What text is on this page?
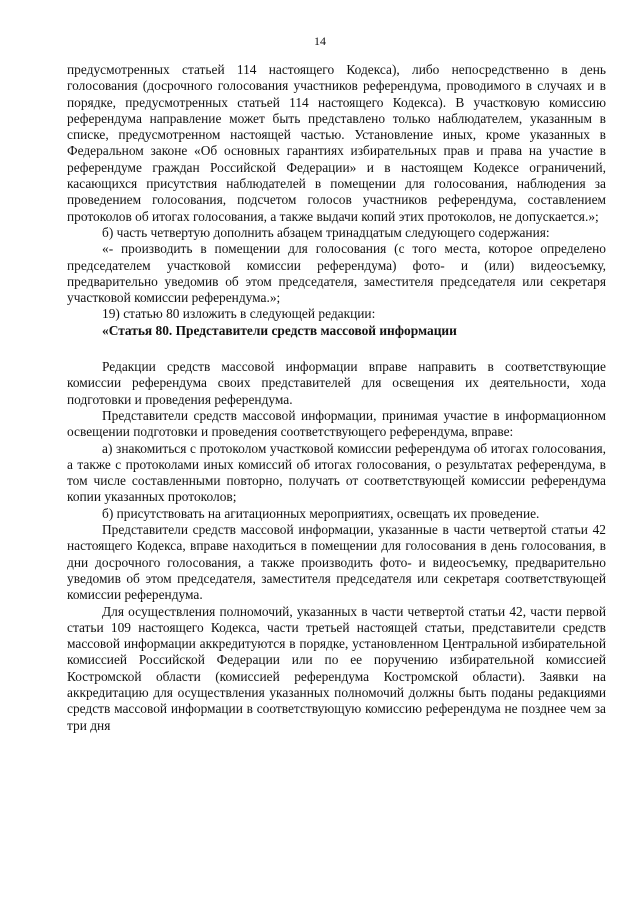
14

предусмотренных статьей 114 настоящего Кодекса), либо непосредственно в день голосования (досрочного голосования участников референдума, проводимого в случаях и в порядке, предусмотренных статьей 114 настоящего Кодекса). В участковую комиссию референдума направление может быть представлено только наблюдателем, указанным в списке, предусмотренном настоящей частью. Установление иных, кроме указанных в Федеральном законе «Об основных гарантиях избирательных прав и права на участие в референдуме граждан Российской Федерации» и в настоящем Кодексе ограничений, касающихся присутствия наблюдателей в помещении для голосования, наблюдения за проведением голосования, подсчетом голосов участников референдума, составлением протоколов об итогах голосования, а также выдачи копий этих протоколов, не допускается.»;

б) часть четвертую дополнить абзацем тринадцатым следующего содержания:

«- производить в помещении для голосования (с того места, которое определено председателем участковой комиссии референдума) фото- и (или) видеосъемку, предварительно уведомив об этом председателя, заместителя председателя или секретаря участковой комиссии референдума.»;

19) статью 80 изложить в следующей редакции:

«Статья 80. Представители средств массовой информации

Редакции средств массовой информации вправе направить в соответствующие комиссии референдума своих представителей для освещения их деятельности, хода подготовки и проведения референдума.

Представители средств массовой информации, принимая участие в информационном освещении подготовки и проведения соответствующего референдума, вправе:

а) знакомиться с протоколом участковой комиссии референдума об итогах голосования, а также с протоколами иных комиссий об итогах голосования, о результатах референдума, в том числе составленными повторно, получать от соответствующей комиссии референдума копии указанных протоколов;

б) присутствовать на агитационных мероприятиях, освещать их проведение.

Представители средств массовой информации, указанные в части четвертой статьи 42 настоящего Кодекса, вправе находиться в помещении для голосования в день голосования, в дни досрочного голосования, а также производить фото- и видеосъемку, предварительно уведомив об этом председателя, заместителя председателя или секретаря соответствующей комиссии референдума.

Для осуществления полномочий, указанных в части четвертой статьи 42, части первой статьи 109 настоящего Кодекса, части третьей настоящей статьи, представители средств массовой информации аккредитуются в порядке, установленном Центральной избирательной комиссией Российской Федерации или по ее поручению избирательной комиссией Костромской области (комиссией референдума Костромской области). Заявки на аккредитацию для осуществления указанных полномочий должны быть поданы редакциями средств массовой информации в соответствующую комиссию референдума не позднее чем за три дня
